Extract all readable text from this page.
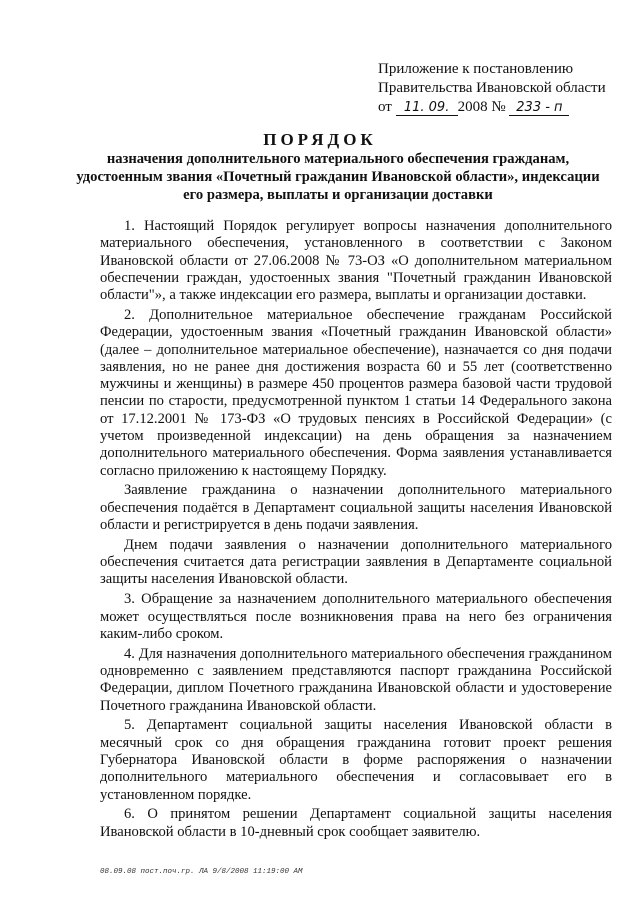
Приложение к постановлению
Правительства Ивановской области
от 11. 09. 2008 № 233 - п
ПОРЯДОК
назначения дополнительного материального обеспечения гражданам, удостоенным звания «Почетный гражданин Ивановской области», индексации его размера, выплаты и организации доставки

1. Настоящий Порядок регулирует вопросы назначения дополнительного материального обеспечения, установленного в соответствии с Законом Ивановской области от 27.06.2008 № 73-ОЗ «О дополнительном материальном обеспечении граждан, удостоенных звания "Почетный гражданин Ивановской области"», а также индексации его размера, выплаты и организации доставки.

2. Дополнительное материальное обеспечение гражданам Российской Федерации, удостоенным звания «Почетный гражданин Ивановской области» (далее – дополнительное материальное обеспечение), назначается со дня подачи заявления, но не ранее дня достижения возраста 60 и 55 лет (соответственно мужчины и женщины) в размере 450 процентов размера базовой части трудовой пенсии по старости, предусмотренной пунктом 1 статьи 14 Федерального закона от 17.12.2001 № 173-ФЗ «О трудовых пенсиях в Российской Федерации» (с учетом произведенной индексации) на день обращения за назначением дополнительного материального обеспечения. Форма заявления устанавливается согласно приложению к настоящему Порядку.

Заявление гражданина о назначении дополнительного материального обеспечения подаётся в Департамент социальной защиты населения Ивановской области и регистрируется в день подачи заявления.

Днем подачи заявления о назначении дополнительного материального обеспечения считается дата регистрации заявления в Департаменте социальной защиты населения Ивановской области.

3. Обращение за назначением дополнительного материального обеспечения может осуществляться после возникновения права на него без ограничения каким-либо сроком.

4. Для назначения дополнительного материального обеспечения гражданином одновременно с заявлением представляются паспорт гражданина Российской Федерации, диплом Почетного гражданина Ивановской области и удостоверение Почетного гражданина Ивановской области.

5. Департамент социальной защиты населения Ивановской области в месячный срок со дня обращения гражданина готовит проект решения Губернатора Ивановской области в форме распоряжения о назначении дополнительного материального обеспечения и согласовывает его в установленном порядке.

6. О принятом решении Департамент социальной защиты населения Ивановской области в 10-дневный срок сообщает заявителю.

08.09.08 пост.поч.гр. ЛА 9/8/2008 11:19:00 AM
